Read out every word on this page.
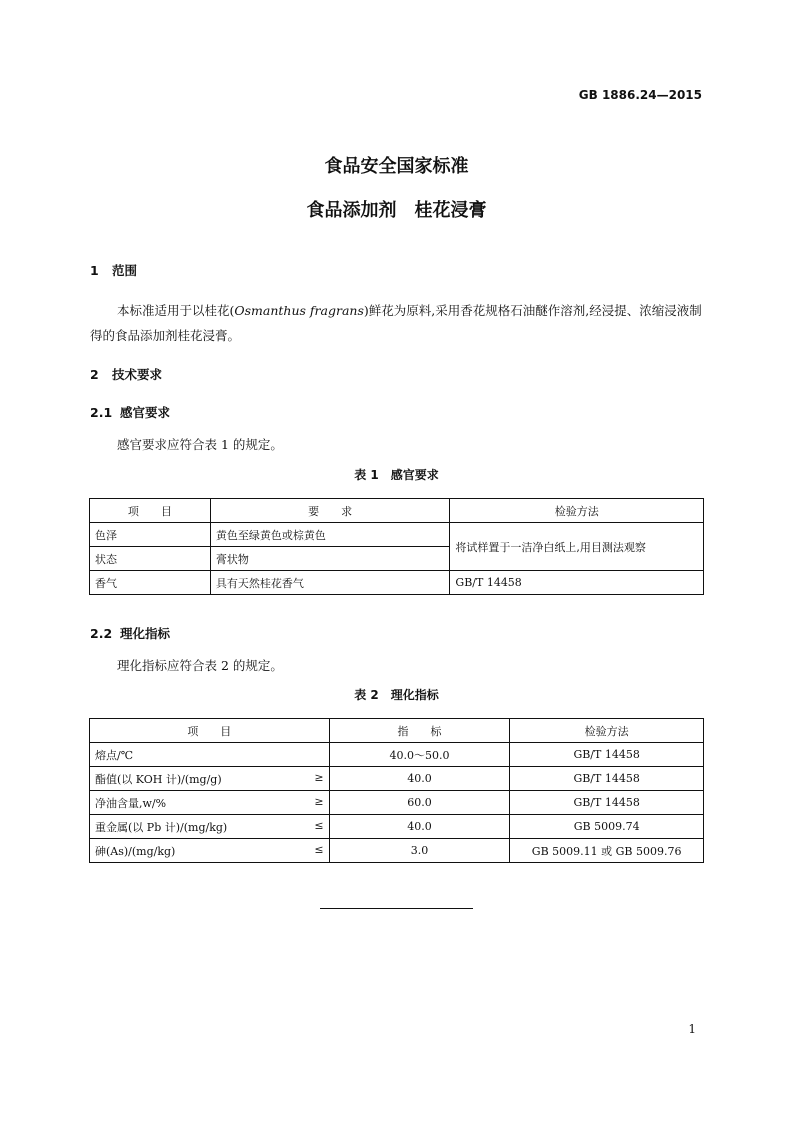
GB 1886.24—2015
食品安全国家标准
食品添加剂　桂花浸膏
1 范围
本标准适用于以桂花(Osmanthus fragrans)鲜花为原料,采用香花规格石油醚作溶剂,经浸提、浓缩浸液制得的食品添加剂桂花浸膏。
2 技术要求
2.1 感官要求
感官要求应符合表 1 的规定。
表 1　感官要求
项　　目	要　　求	检验方法
色泽	黄色至绿黄色或棕黄色	将试样置于一洁净白纸上,用目测法观察
状态	膏状物	
香气	具有天然桂花香气	GB/T 14458
2.2 理化指标
理化指标应符合表 2 的规定。
表 2　理化指标
项　　目	指　　标	检验方法
熔点/℃	40.0～50.0	GB/T 14458
酯值(以 KOH 计)/(mg/g) ≥	40.0	GB/T 14458
净油含量,w/% ≥	60.0	GB/T 14458
重金属(以 Pb 计)/(mg/kg) ≤	40.0	GB 5009.74
砷(As)/(mg/kg) ≤	3.0	GB 5009.11 或 GB 5009.76
1
